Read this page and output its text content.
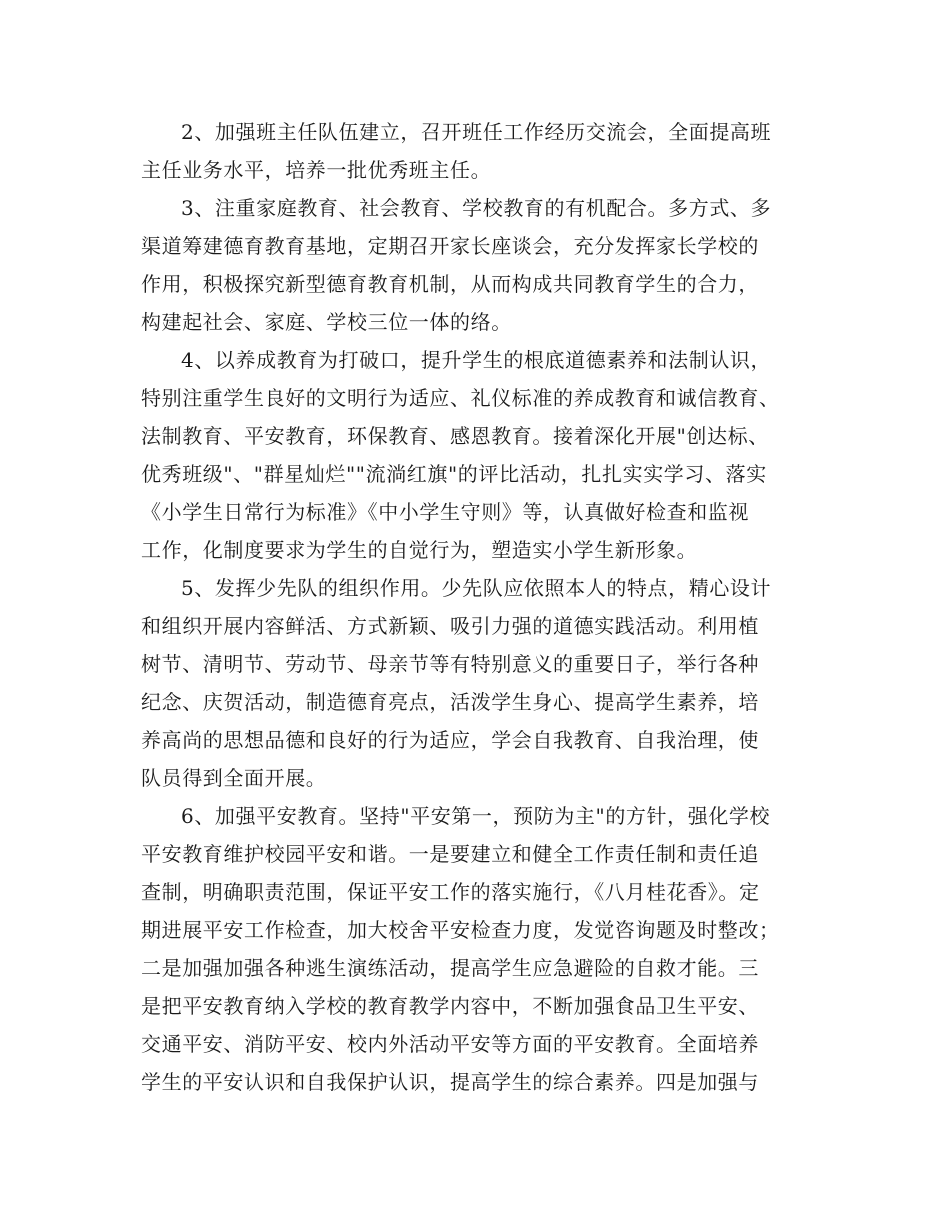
2、加强班主任队伍建立，召开班任工作经历交流会，全面提高班
主任业务水平，培养一批优秀班主任。
3、注重家庭教育、社会教育、学校教育的有机配合。多方式、多
渠道筹建德育教育基地，定期召开家长座谈会，充分发挥家长学校的
作用，积极探究新型德育教育机制，从而构成共同教育学生的合力，
构建起社会、家庭、学校三位一体的络。
4、以养成教育为打破口，提升学生的根底道德素养和法制认识，
特别注重学生良好的文明行为适应、礼仪标准的养成教育和诚信教育、
法制教育、平安教育，环保教育、感恩教育。接着深化开展"创达标、
优秀班级"、"群星灿烂""流淌红旗"的评比活动，扎扎实实学习、落实
《小学生日常行为标准》《中小学生守则》等，认真做好检查和监视
工作，化制度要求为学生的自觉行为，塑造实小学生新形象。
5、发挥少先队的组织作用。少先队应依照本人的特点，精心设计
和组织开展内容鲜活、方式新颖、吸引力强的道德实践活动。利用植
树节、清明节、劳动节、母亲节等有特别意义的重要日子，举行各种
纪念、庆贺活动，制造德育亮点，活泼学生身心、提高学生素养，培
养高尚的思想品德和良好的行为适应，学会自我教育、自我治理，使
队员得到全面开展。
6、加强平安教育。坚持"平安第一，预防为主"的方针，强化学校
平安教育维护校园平安和谐。一是要建立和健全工作责任制和责任追
查制，明确职责范围，保证平安工作的落实施行，《八月桂花香》。定
期进展平安工作检查，加大校舍平安检查力度，发觉咨询题及时整改；
二是加强加强各种逃生演练活动，提高学生应急避险的自救才能。三
是把平安教育纳入学校的教育教学内容中，不断加强食品卫生平安、
交通平安、消防平安、校内外活动平安等方面的平安教育。全面培养
学生的平安认识和自我保护认识，提高学生的综合素养。四是加强与
